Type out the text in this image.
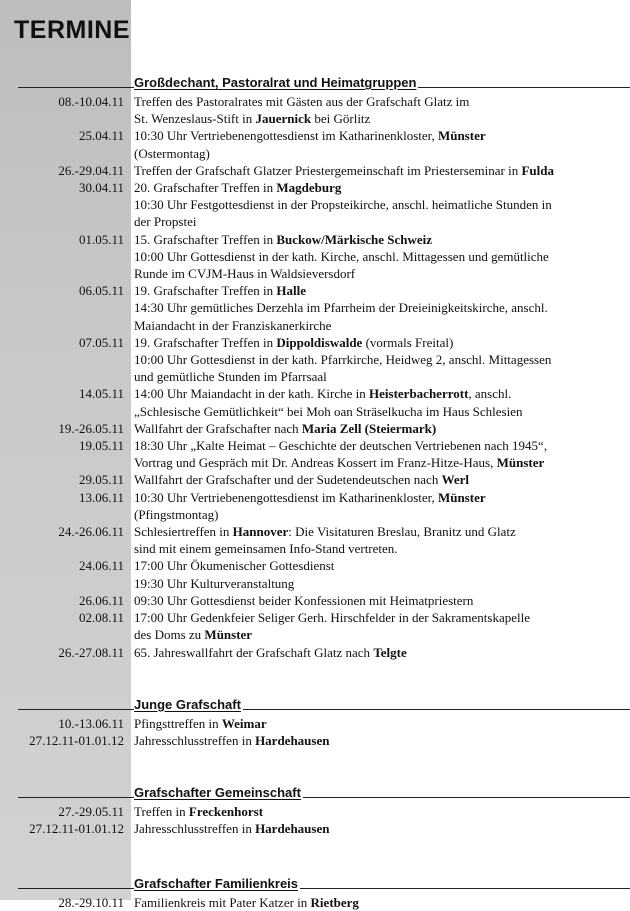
TERMINE
Großdechant, Pastoralrat und Heimatgruppen
08.-10.04.11 Treffen des Pastoralrates mit Gästen aus der Grafschaft Glatz im
St. Wenzeslaus-Stift in Jauernick bei Görlitz
25.04.11 10:30 Uhr Vertriebenengottesdienst im Katharinenkloster, Münster
(Ostermontag)
26.-29.04.11 Treffen der Grafschaft Glatzer Priestergemeinschaft im Priesterseminar in Fulda
30.04.11 20. Grafschafter Treffen in Magdeburg
10:30 Uhr Festgottesdienst in der Propsteikirche, anschl. heimatliche Stunden in
der Propstei
01.05.11 15. Grafschafter Treffen in Buckow/Märkische Schweiz
10:00 Uhr Gottesdienst in der kath. Kirche, anschl. Mittagessen und gemütliche
Runde im CVJM-Haus in Waldsieversdorf
06.05.11 19. Grafschafter Treffen in Halle
14:30 Uhr gemütliches Derzehla im Pfarrheim der Dreieinigkeitskirche, anschl.
Maiandacht in der Franziskanerkirche
07.05.11 19. Grafschafter Treffen in Dippoldiswalde (vormals Freital)
10:00 Uhr Gottesdienst in der kath. Pfarrkirche, Heidweg 2, anschl. Mittagessen
und gemütliche Stunden im Pfarrsaal
14.05.11 14:00 Uhr Maiandacht in der kath. Kirche in Heisterbacherrott, anschl.
„Schlesische Gemütlichkeit“ bei Moh oan Sträselkucha im Haus Schlesien
19.-26.05.11 Wallfahrt der Grafschafter nach Maria Zell (Steiermark)
19.05.11 18:30 Uhr „Kalte Heimat – Geschichte der deutschen Vertriebenen nach 1945“,
Vortrag und Gespräch mit Dr. Andreas Kossert im Franz-Hitze-Haus, Münster
29.05.11 Wallfahrt der Grafschafter und der Sudetendeutschen nach Werl
13.06.11 10:30 Uhr Vertriebenengottesdienst im Katharinenkloster, Münster
(Pfingstmontag)
24.-26.06.11 Schlesiertreffen in Hannover: Die Visitaturen Breslau, Branitz und Glatz
sind mit einem gemeinsamen Info-Stand vertreten.
24.06.11 17:00 Uhr Ökumenischer Gottesdienst
19:30 Uhr Kulturveranstaltung
26.06.11 09:30 Uhr Gottesdienst beider Konfessionen mit Heimatpriestern
02.08.11 17:00 Uhr Gedenkfeier Seliger Gerh. Hirschfelder in der Sakramentskapelle
des Doms zu Münster
26.-27.08.11 65. Jahreswallfahrt der Grafschaft Glatz nach Telgte
Junge Grafschaft
10.-13.06.11 Pfingsttreffen in Weimar
27.12.11-01.01.12 Jahresschlusstreffen in Hardehausen
Grafschafter Gemeinschaft
27.-29.05.11 Treffen in Freckenhorst
27.12.11-01.01.12 Jahresschlusstreffen in Hardehausen
Grafschafter Familienkreis
28.-29.10.11 Familienkreis mit Pater Katzer in Rietberg
